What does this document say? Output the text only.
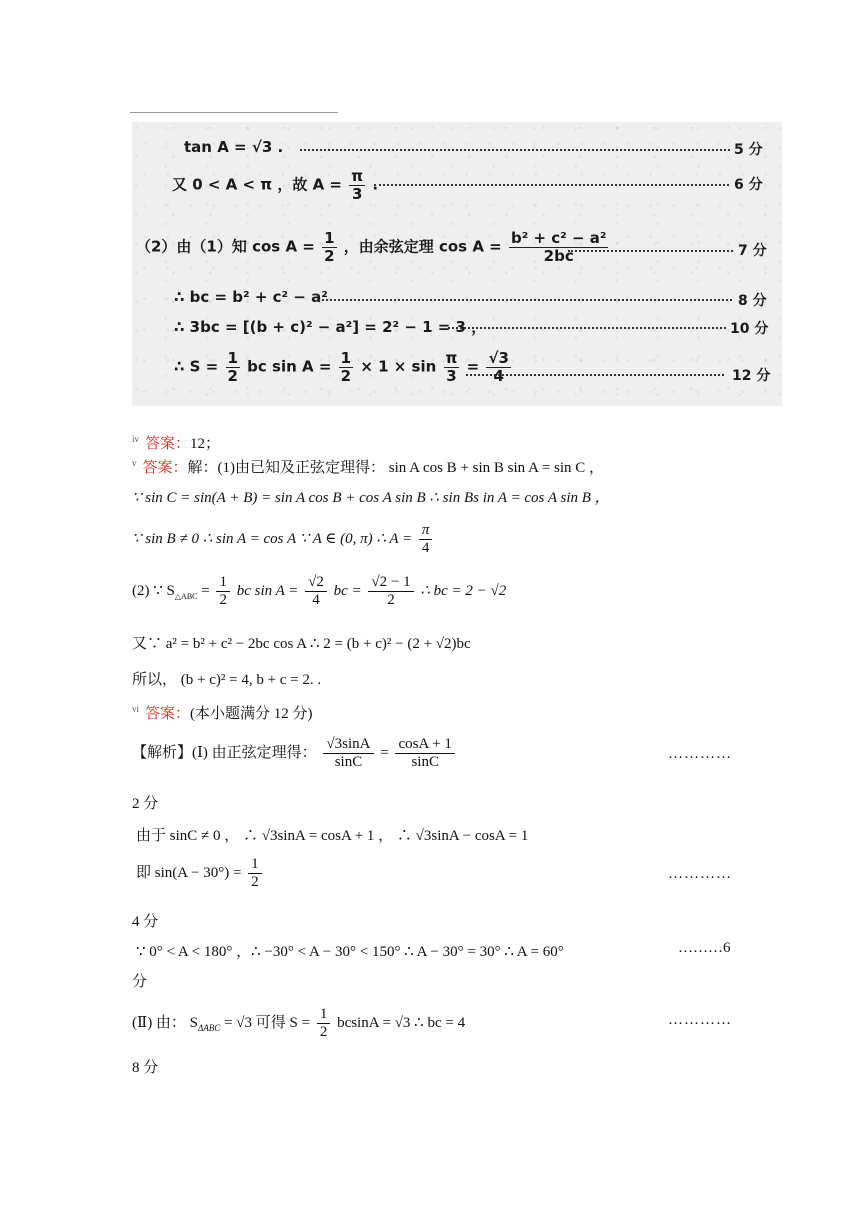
tan A = √3 .	5 分
又 0 < A < π ，故 $A = \frac{\pi}{3}$ .	6 分
（2）由（1）知 $\cos A = \frac{1}{2}$ ，由余弦定理 $\cos A = \frac{\text{b² + c² − a²}}{2bc}$	7 分
∴ bc = b² + c² − a²	8 分
∴ 3bc = [(b + c)² − a²] = 2² − 1 = 3 ，	10 分
∴ $S = \frac{1}{2}$ bc $\sin A = \frac{1}{2} \times 1 \times \sin \frac{\pi}{3} = \frac{√3}{4}$	12 分
$^{iv}$ 答案：12；
$^v$ 答案：解：(1)由已知及正弦定理得： sin A cos B + sin B sin A = sin C ，
∵ sin C = sin(A + B) = sin A cos B + cos A sin B ∴ sin Bs in A = cos A sin B ，
∵ sin B ≠ 0 ∴ sin A = cos A ∵ A ∈ (0, π) ∴ $A = \frac{\pi}{4}$
(2) ∵ $S_{\triangle ABC} = \frac{1}{2}$ bc $\sin A = \frac{√2}{4}$ bc = $\frac{√2 - 1}{2}$ ∴ bc = 2 − √2
又∵ a² = b² + c² − 2bc cos A ∴ 2 = (b + c)² − (2 + √2)bc
所以， (b + c)² = 4, b + c = 2. .
$^{vi}$ 答案：(本小题满分 12 分)
【解析】(Ⅰ) 由正弦定理得： $\frac{√3\sin A}{\sin C} = \frac{\cos A + 1}{\sin C}$	…………
2 分
由于 sinC ≠ 0 ， ∴ √3sinA = cosA + 1 ， ∴ √3sinA − cosA = 1
即 $\sin(A - 30^\circ) = \frac{1}{2}$	…………
4 分
∵ 0° < A < 180° ，∴ −30° < A − 30° < 150° ∴ A − 30° = 30° ∴ A = 60°	………6
分
(Ⅱ) 由： $S_{\Delta ABC} = √3$ 可得 $S = \frac{1}{2}$ bcsinA = √3 ∴ bc = 4	…………
8 分
